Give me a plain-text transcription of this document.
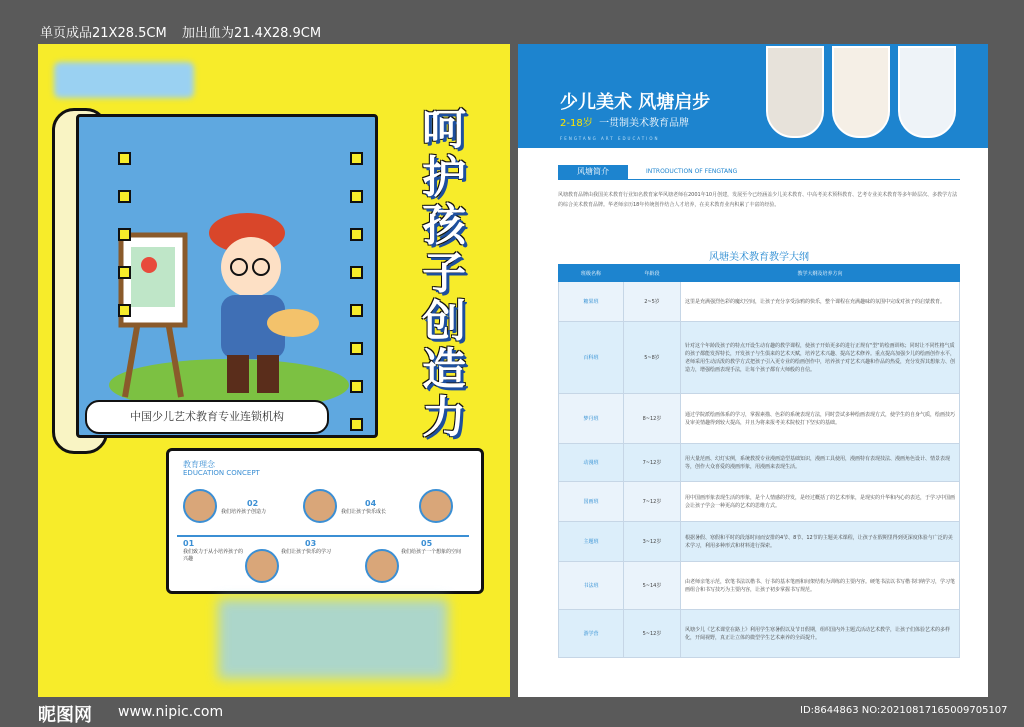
单页成品21X28.5CM 加出血为21.4X28.9CM
呵护孩子创造力
中国少儿艺术教育专业连锁机构
教育理念
EDUCATION CONCEPT
01
我们致力于从小培养孩子的兴趣
02
我们培养孩子创造力
03
我们让孩子快乐的学习
04
我们让孩子快乐成长
05
我们给孩子一个想象的空间
少儿美术 风塘启步
2-18岁 一贯制美术教育品牌
FENGTANG ART EDUCATION
风塘简介	INTRODUCTION OF FENGTANG
风塘教育品牌由我国美术教育行业知名教育家华风塘老师在2001年10月创建，发展至今已经涵盖少儿美术教育、中高考美术预科教育、艺考专业美术教育等多年龄层次、多教学方法的综合美术教育品牌。华老师亲历18年传统创作结合人才培养，在美术教育业内积累了丰富的经验。
风塘美术教育教学大纲
班级名称	年龄段	教学大纲及培养方向
糖果班	2~5岁	这里是充满强烈色彩的魔幻空间，让孩子充分享受涂鸦的快乐，整个课程在充满趣味的氛围中完成对孩子的启蒙教育。
百科班	5~8岁	针对这个年龄段孩子的特点开设生动有趣的教学课程，使孩子开始更多的进行正规有"型"的绘画训练；同时让不同性格气质的孩子都能发挥特长，开发孩子与生俱来的艺术天赋，培养艺术兴趣、提高艺术修养。重点提高加强少儿的绘画创作水平，老师采用生动活泼的教学方式把孩子引入更专业的绘画创作中，培养孩子对艺术兴趣和作品的热爱，充分发挥其想象力、创造力，增强绘画表现手法，让每个孩子都有大师般的自信。
梦丹班	8~12岁	通过学院派绘画体系的学习，掌握素描、色彩的系统表现方法，同时尝试多种绘画表现方式，使学生的自身气质，绘画技巧及审美情趣得到较大提高，并且为将来报考美术院校打下坚实的基础。
动漫班	7~12岁	用大量范画、幻灯实例，系统教授专业漫画造型基础知识，漫画工具使用，漫画特有表现技法、漫画角色设计、情景表现等，创作大众喜爱的漫画形象，用漫画来表现生活。
国画班	7~12岁	用中国画形象表现生活的形象，是个人情感的抒发，是经过概括了的艺术形象，是现实的升华和内心的表达，于学习中国画会让孩子学会一种更高的艺术的思维方式。
主题班	3~12岁	根据暑假、寒假和平时的段落时间而安排的4节、8节、12节的主题美术课程，让孩子在假期里得到更深度体验与广泛的美术学习，利用多种形式和材料进行探索。
书法班	5~14岁	由老师亲笔示范，软笔书法以楷书、行书的基本笔画和间架结构为训练的主要内容。硬笔书法以书写楷书归纳学习，学习笔画组合和书写技巧为主要内容，让孩子初步掌握书写规范。
游学营	5~12岁	风塘少儿《艺术课堂在路上》利用学生寒暑假以及节日假期，组织国内外主题式活动艺术教学，让孩子们体验艺术的多样化，开阔视野，真正让立体的微型学生艺术素养的全面提升。
昵图网 www.nipic.com	ID:8644863 NO:20210817165009705107
